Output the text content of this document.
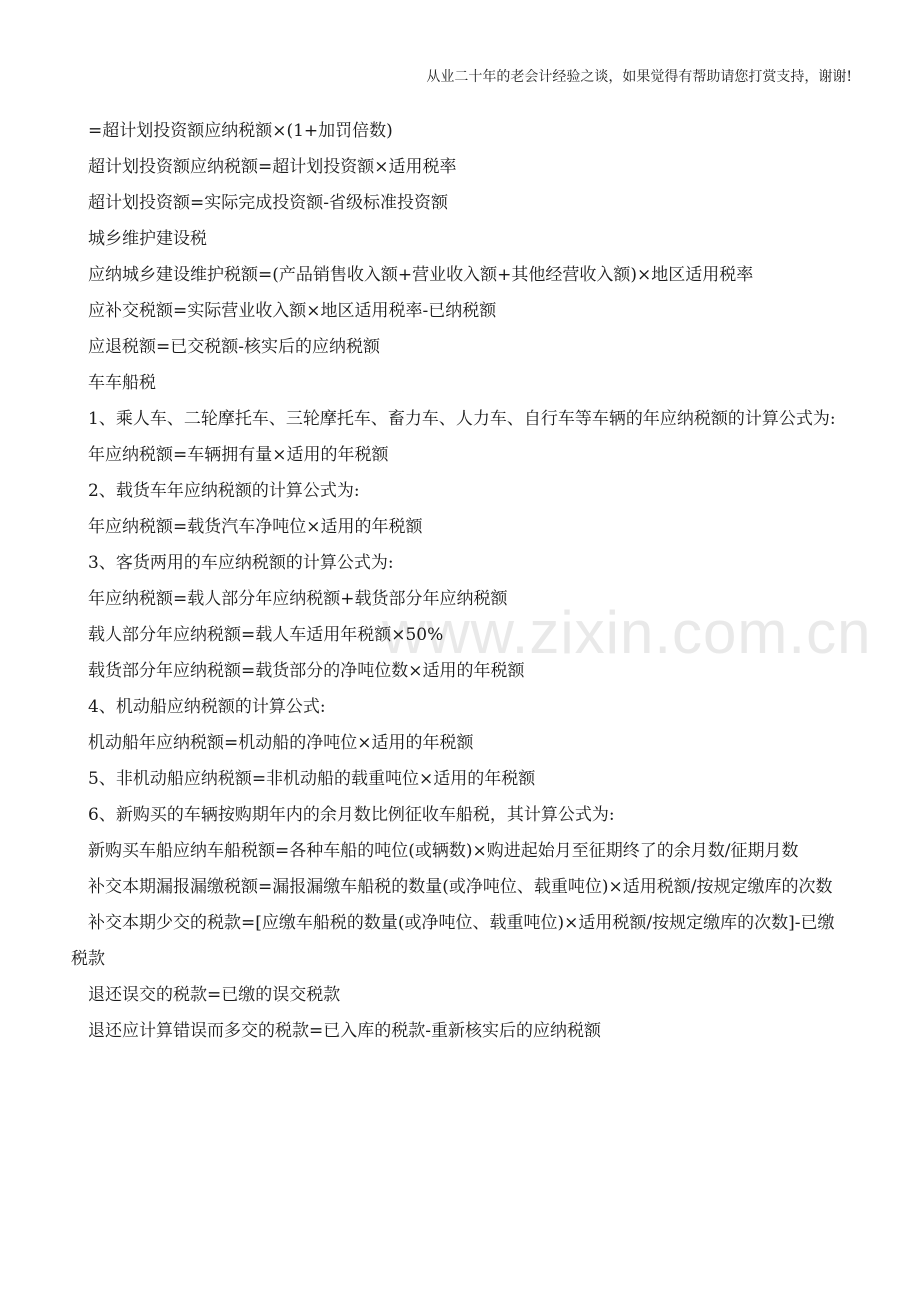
从业二十年的老会计经验之谈，如果觉得有帮助请您打赏支持，谢谢!
www.zixin.com.cn

=超计划投资额应纳税额×(1+加罚倍数)

超计划投资额应纳税额=超计划投资额×适用税率

超计划投资额=实际完成投资额-省级标准投资额

城乡维护建设税

应纳城乡建设维护税额=(产品销售收入额+营业收入额+其他经营收入额)×地区适用税率

应补交税额=实际营业收入额×地区适用税率-已纳税额

应退税额=已交税额-核实后的应纳税额

车车船税

1、乘人车、二轮摩托车、三轮摩托车、畜力车、人力车、自行车等车辆的年应纳税额的计算公式为:

年应纳税额=车辆拥有量×适用的年税额

2、载货车年应纳税额的计算公式为:

年应纳税额=载货汽车净吨位×适用的年税额

3、客货两用的车应纳税额的计算公式为:

年应纳税额=载人部分年应纳税额+载货部分年应纳税额

载人部分年应纳税额=载人车适用年税额×50%

载货部分年应纳税额=载货部分的净吨位数×适用的年税额

4、机动船应纳税额的计算公式:

机动船年应纳税额=机动船的净吨位×适用的年税额

5、非机动船应纳税额=非机动船的载重吨位×适用的年税额

6、新购买的车辆按购期年内的余月数比例征收车船税，其计算公式为:

新购买车船应纳车船税额=各种车船的吨位(或辆数)×购进起始月至征期终了的余月数/征期月数

补交本期漏报漏缴税额=漏报漏缴车船税的数量(或净吨位、载重吨位)×适用税额/按规定缴库的次数

补交本期少交的税款=[应缴车船税的数量(或净吨位、载重吨位)×适用税额/按规定缴库的次数]-已缴税款

退还误交的税款=已缴的误交税款

退还应计算错误而多交的税款=已入库的税款-重新核实后的应纳税额
